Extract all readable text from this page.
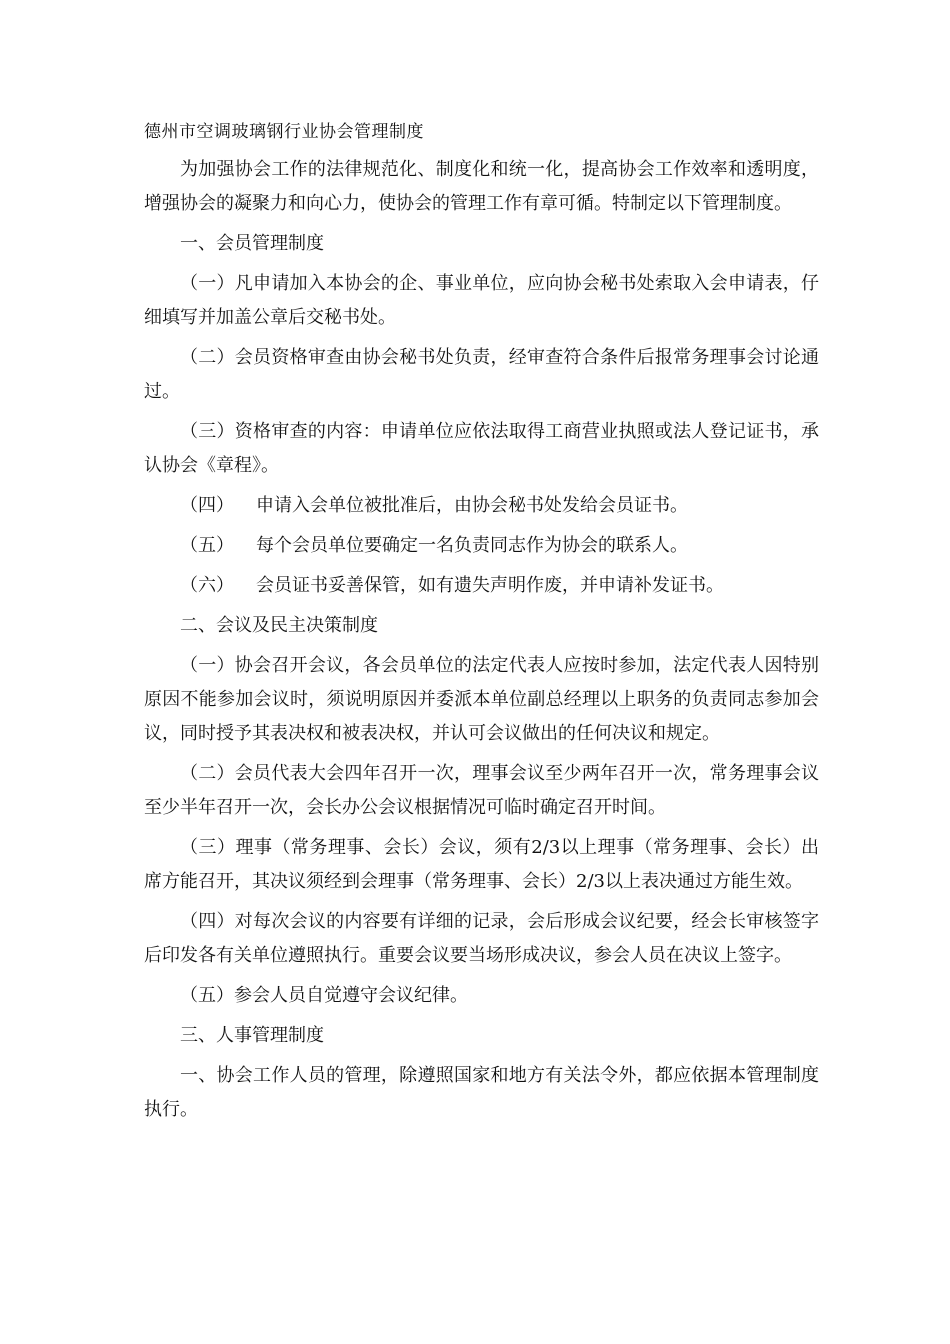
德州市空调玻璃钢行业协会管理制度

为加强协会工作的法律规范化、制度化和统一化，提高协会工作效率和透明度，增强协会的凝聚力和向心力，使协会的管理工作有章可循。特制定以下管理制度。

一、会员管理制度

（一）凡申请加入本协会的企、事业单位，应向协会秘书处索取入会申请表，仔细填写并加盖公章后交秘书处。

（二）会员资格审查由协会秘书处负责，经审查符合条件后报常务理事会讨论通过。

（三）资格审查的内容：申请单位应依法取得工商营业执照或法人登记证书，承认协会《章程》。

（四） 申请入会单位被批准后，由协会秘书处发给会员证书。

（五） 每个会员单位要确定一名负责同志作为协会的联系人。

（六） 会员证书妥善保管，如有遗失声明作废，并申请补发证书。

二、会议及民主决策制度

（一）协会召开会议，各会员单位的法定代表人应按时参加，法定代表人因特别原因不能参加会议时，须说明原因并委派本单位副总经理以上职务的负责同志参加会议，同时授予其表决权和被表决权，并认可会议做出的任何决议和规定。

（二）会员代表大会四年召开一次，理事会议至少两年召开一次，常务理事会议至少半年召开一次，会长办公会议根据情况可临时确定召开时间。

（三）理事（常务理事、会长）会议，须有2/3以上理事（常务理事、会长）出席方能召开，其决议须经到会理事（常务理事、会长）2/3以上表决通过方能生效。

（四）对每次会议的内容要有详细的记录，会后形成会议纪要，经会长审核签字后印发各有关单位遵照执行。重要会议要当场形成决议，参会人员在决议上签字。

（五）参会人员自觉遵守会议纪律。

三、人事管理制度

一、协会工作人员的管理，除遵照国家和地方有关法令外，都应依据本管理制度执行。
